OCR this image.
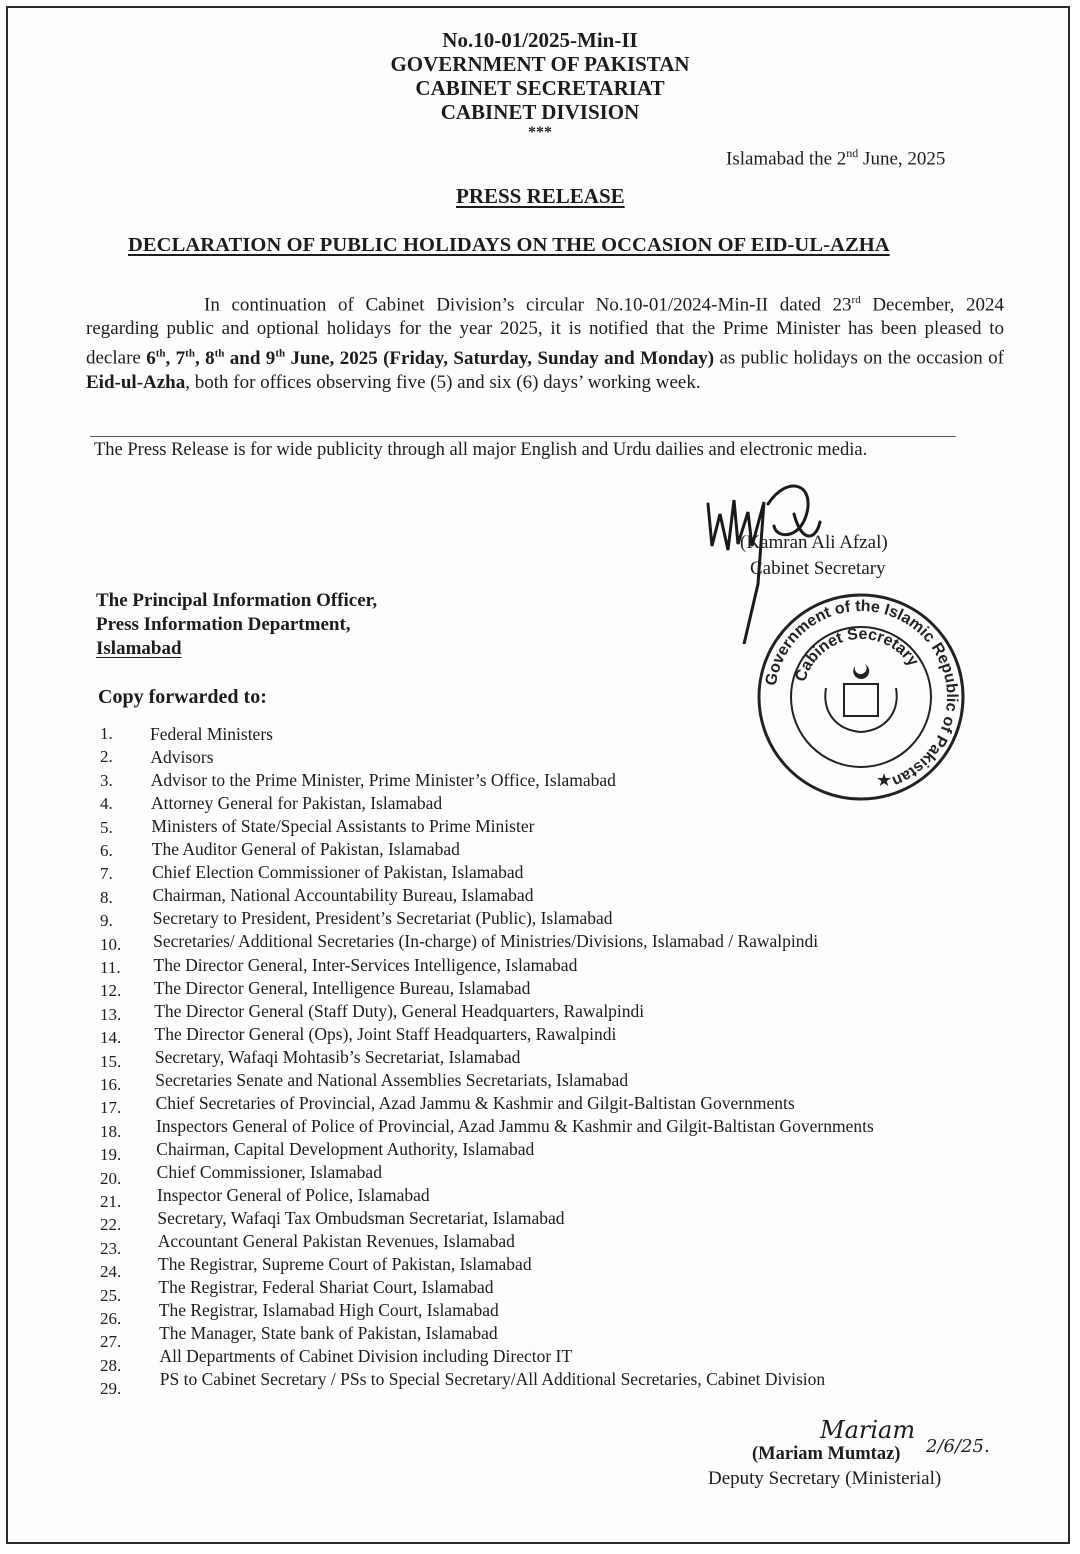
No.10-01/2025-Min-II
GOVERNMENT OF PAKISTAN
CABINET SECRETARIAT
CABINET DIVISION
***
Islamabad the 2nd June, 2025
PRESS RELEASE
DECLARATION OF PUBLIC HOLIDAYS ON THE OCCASION OF EID-UL-AZHA
In continuation of Cabinet Division’s circular No.10-01/2024-Min-II dated 23rd December, 2024 regarding public and optional holidays for the year 2025, it is notified that the Prime Minister has been pleased to declare 6th, 7th, 8th and 9th June, 2025 (Friday, Saturday, Sunday and Monday) as public holidays on the occasion of Eid-ul-Azha, both for offices observing five (5) and six (6) days’ working week.
The Press Release is for wide publicity through all major English and Urdu dailies and electronic media.
(Kamran Ali Afzal)
Cabinet Secretary
Government of the Islamic Republic of Pakistan
Cabinet Secretary
★
The Principal Information Officer,
Press Information Department,
Islamabad
Copy forwarded to:
1. Federal Ministers
2. Advisors
3. Advisor to the Prime Minister, Prime Minister’s Office, Islamabad
4. Attorney General for Pakistan, Islamabad
5. Ministers of State/Special Assistants to Prime Minister
6. The Auditor General of Pakistan, Islamabad
7. Chief Election Commissioner of Pakistan, Islamabad
8. Chairman, National Accountability Bureau, Islamabad
9. Secretary to President, President’s Secretariat (Public), Islamabad
10. Secretaries/ Additional Secretaries (In-charge) of Ministries/Divisions, Islamabad / Rawalpindi
11. The Director General, Inter-Services Intelligence, Islamabad
12. The Director General, Intelligence Bureau, Islamabad
13. The Director General (Staff Duty), General Headquarters, Rawalpindi
14. The Director General (Ops), Joint Staff Headquarters, Rawalpindi
15. Secretary, Wafaqi Mohtasib’s Secretariat, Islamabad
16. Secretaries Senate and National Assemblies Secretariats, Islamabad
17. Chief Secretaries of Provincial, Azad Jammu & Kashmir and Gilgit-Baltistan Governments
18. Inspectors General of Police of Provincial, Azad Jammu & Kashmir and Gilgit-Baltistan Governments
19. Chairman, Capital Development Authority, Islamabad
20. Chief Commissioner, Islamabad
21. Inspector General of Police, Islamabad
22. Secretary, Wafaqi Tax Ombudsman Secretariat, Islamabad
23. Accountant General Pakistan Revenues, Islamabad
24. The Registrar, Supreme Court of Pakistan, Islamabad
25. The Registrar, Federal Shariat Court, Islamabad
26. The Registrar, Islamabad High Court, Islamabad
27. The Manager, State bank of Pakistan, Islamabad
28. All Departments of Cabinet Division including Director IT
29. PS to Cabinet Secretary / PSs to Special Secretary/All Additional Secretaries, Cabinet Division
Mariam
2/6/25.
(Mariam Mumtaz)
Deputy Secretary (Ministerial)
